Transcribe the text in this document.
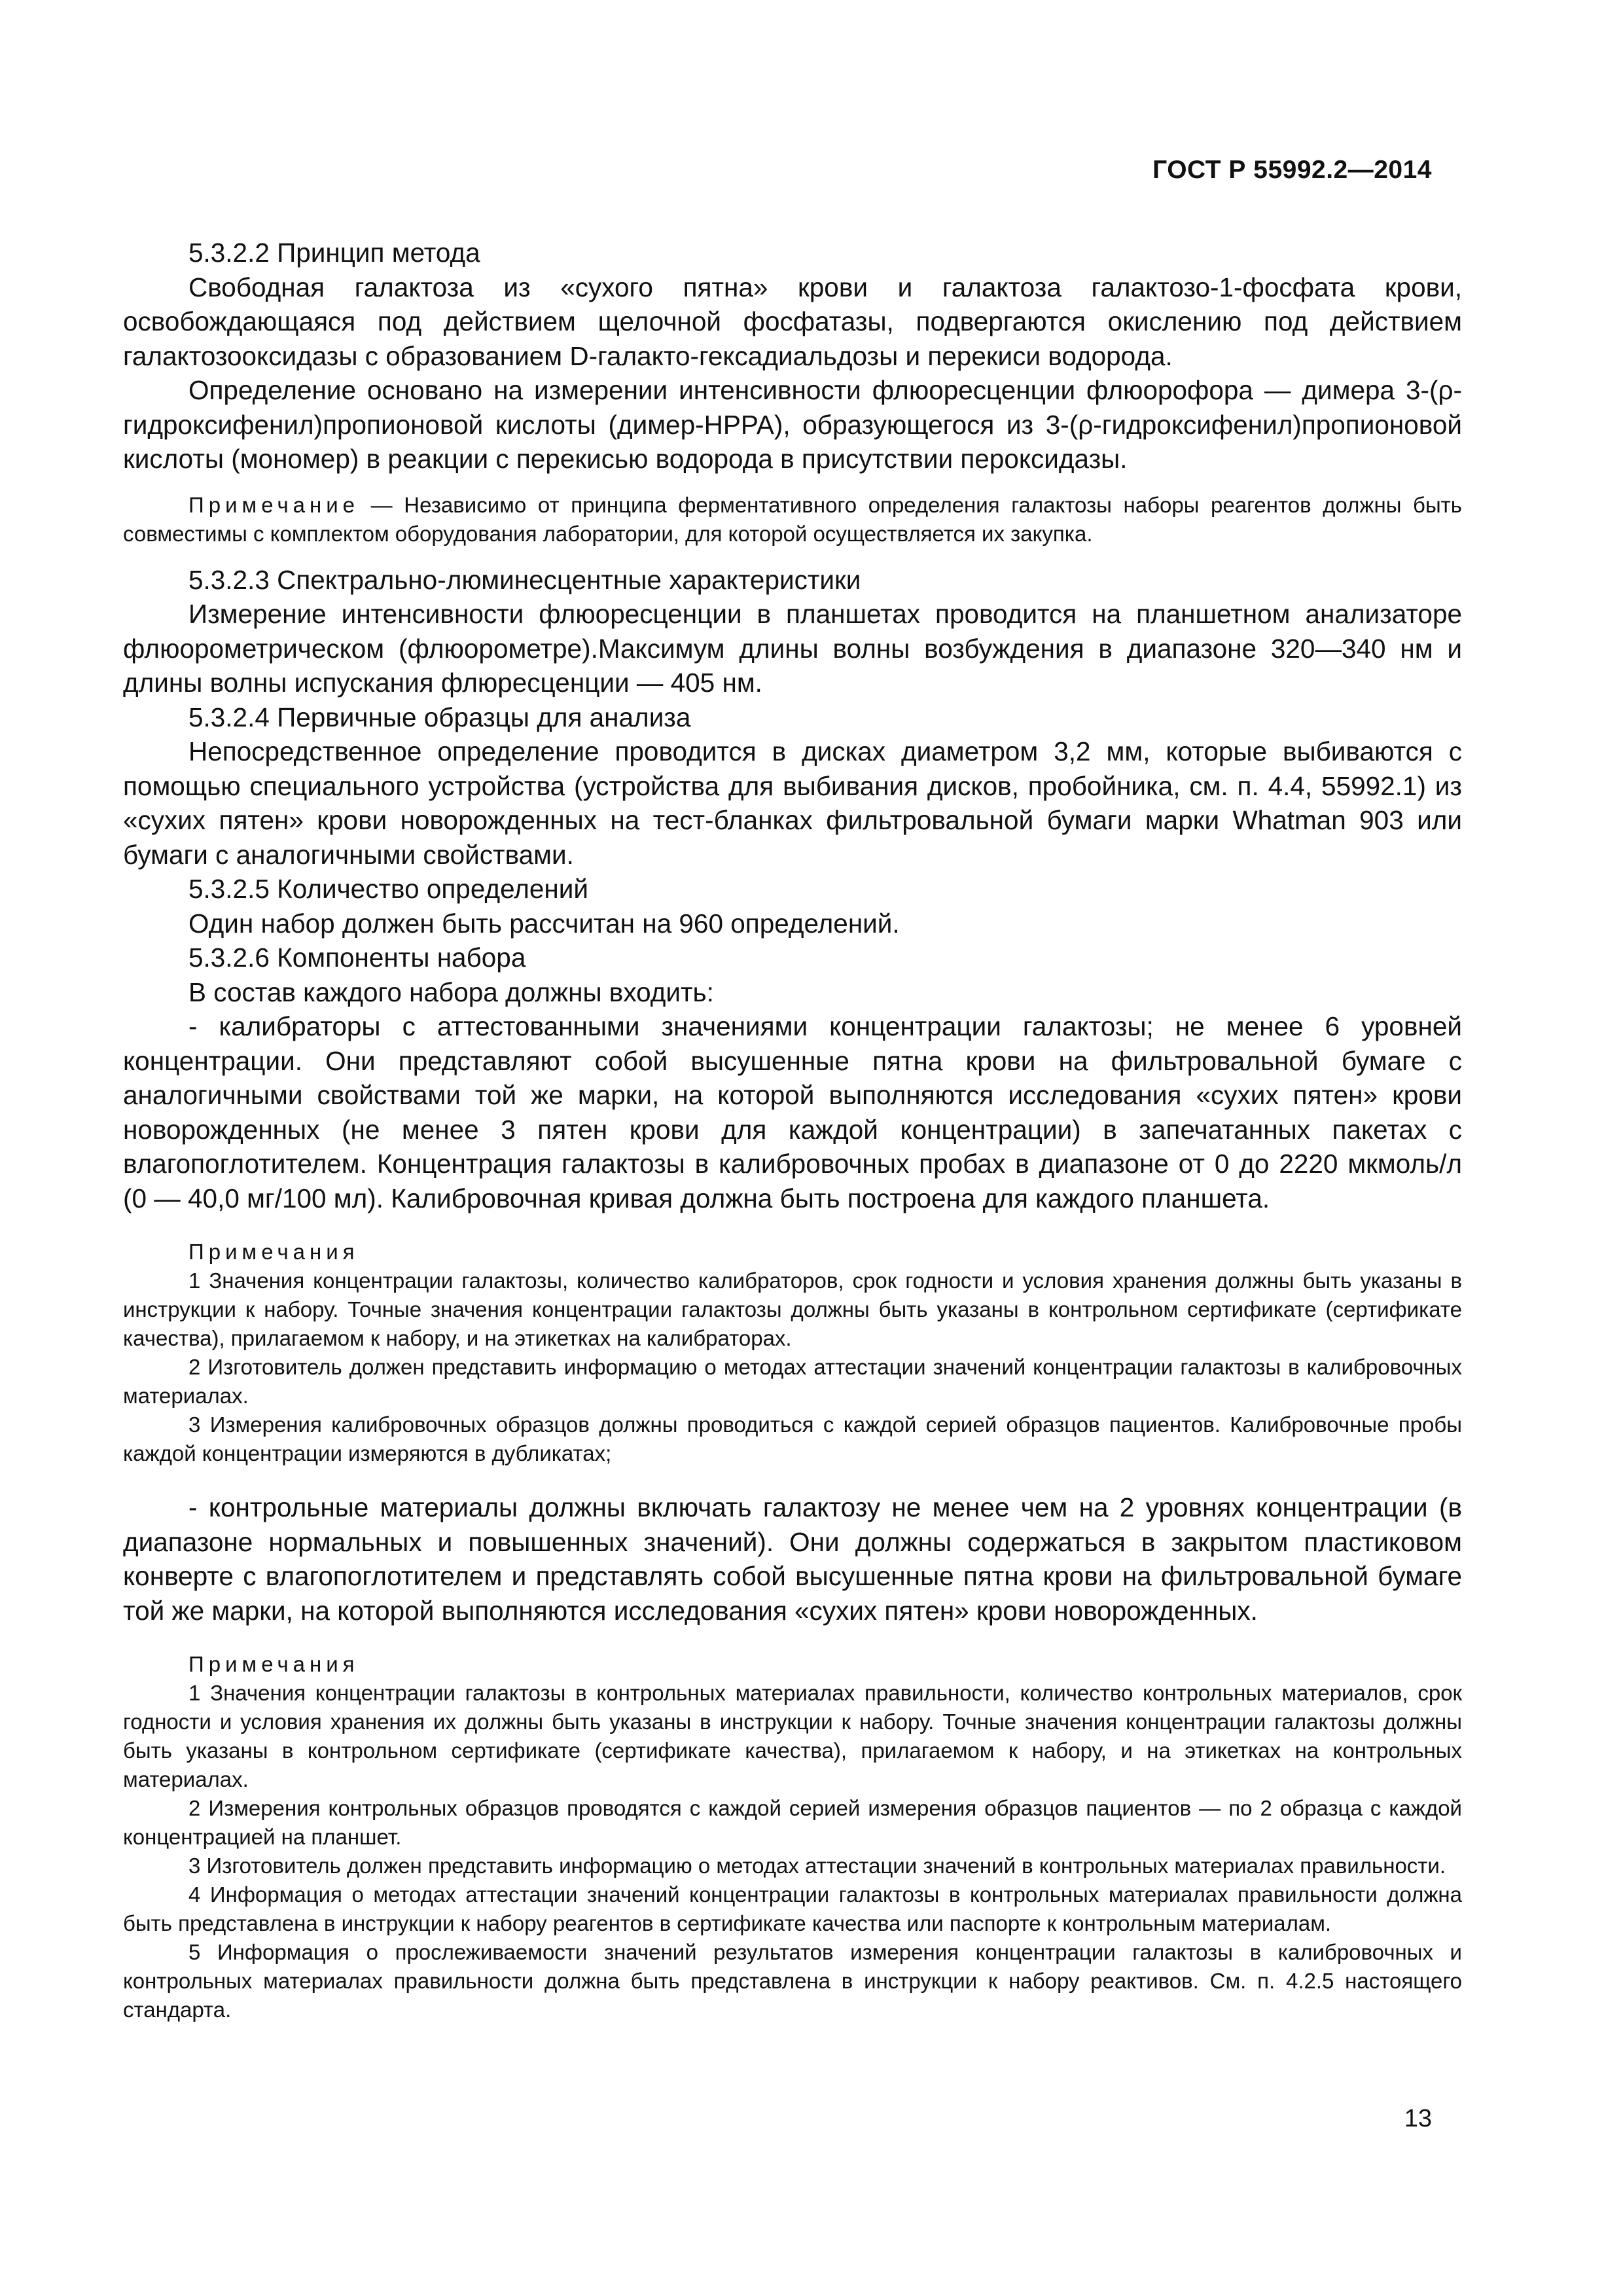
ГОСТ Р 55992.2—2014

5.3.2.2 Принцип метода

Свободная галактоза из «сухого пятна» крови и галактоза галактозо-1-фосфата крови, освобождающаяся под действием щелочной фосфатазы, подвергаются окислению под действием галактозооксидазы с образованием D-галакто-гексадиальдозы и перекиси водорода.

Определение основано на измерении интенсивности флюоресценции флюорофора — димера 3-(ρ-гидроксифенил)пропионовой кислоты (димер-HPPA), образующегося из 3-(ρ-гидроксифенил)пропионовой кислоты (мономер) в реакции с перекисью водорода в присутствии пероксидазы.

Примечание — Независимо от принципа ферментативного определения галактозы наборы реагентов должны быть совместимы с комплектом оборудования лаборатории, для которой осуществляется их закупка.

5.3.2.3 Спектрально-люминесцентные характеристики

Измерение интенсивности флюоресценции в планшетах проводится на планшетном анализаторе флюорометрическом (флюорометре).Максимум длины волны возбуждения в диапазоне 320—340 нм и длины волны испускания флюресценции — 405 нм.

5.3.2.4 Первичные образцы для анализа

Непосредственное определение проводится в дисках диаметром 3,2 мм, которые выбиваются с помощью специального устройства (устройства для выбивания дисков, пробойника, см. п. 4.4, 55992.1) из «сухих пятен» крови новорожденных на тест-бланках фильтровальной бумаги марки Whatman 903 или бумаги с аналогичными свойствами.

5.3.2.5 Количество определений

Один набор должен быть рассчитан на 960 определений.

5.3.2.6 Компоненты набора

В состав каждого набора должны входить:

- калибраторы с аттестованными значениями концентрации галактозы; не менее 6 уровней концентрации. Они представляют собой высушенные пятна крови на фильтровальной бумаге с аналогичными свойствами той же марки, на которой выполняются исследования «сухих пятен» крови новорожденных (не менее 3 пятен крови для каждой концентрации) в запечатанных пакетах с влагопоглотителем. Концентрация галактозы в калибровочных пробах в диапазоне от 0 до 2220 мкмоль/л (0 — 40,0 мг/100 мл). Калибровочная кривая должна быть построена для каждого планшета.

Примечания

1 Значения концентрации галактозы, количество калибраторов, срок годности и условия хранения должны быть указаны в инструкции к набору. Точные значения концентрации галактозы должны быть указаны в контрольном сертификате (сертификате качества), прилагаемом к набору, и на этикетках на калибраторах.

2 Изготовитель должен представить информацию о методах аттестации значений концентрации галактозы в калибровочных материалах.

3 Измерения калибровочных образцов должны проводиться с каждой серией образцов пациентов. Калибровочные пробы каждой концентрации измеряются в дубликатах;

- контрольные материалы должны включать галактозу не менее чем на 2 уровнях концентрации (в диапазоне нормальных и повышенных значений). Они должны содержаться в закрытом пластиковом конверте с влагопоглотителем и представлять собой высушенные пятна крови на фильтровальной бумаге той же марки, на которой выполняются исследования «сухих пятен» крови новорожденных.

Примечания

1 Значения концентрации галактозы в контрольных материалах правильности, количество контрольных материалов, срок годности и условия хранения их должны быть указаны в инструкции к набору. Точные значения концентрации галактозы должны быть указаны в контрольном сертификате (сертификате качества), прилагаемом к набору, и на этикетках на контрольных материалах.

2 Измерения контрольных образцов проводятся с каждой серией измерения образцов пациентов — по 2 образца с каждой концентрацией на планшет.

3 Изготовитель должен представить информацию о методах аттестации значений в контрольных материалах правильности.

4 Информация о методах аттестации значений концентрации галактозы в контрольных материалах правильности должна быть представлена в инструкции к набору реагентов в сертификате качества или паспорте к контрольным материалам.

5 Информация о прослеживаемости значений результатов измерения концентрации галактозы в калибровочных и контрольных материалах правильности должна быть представлена в инструкции к набору реактивов. См. п. 4.2.5 настоящего стандарта.

13
